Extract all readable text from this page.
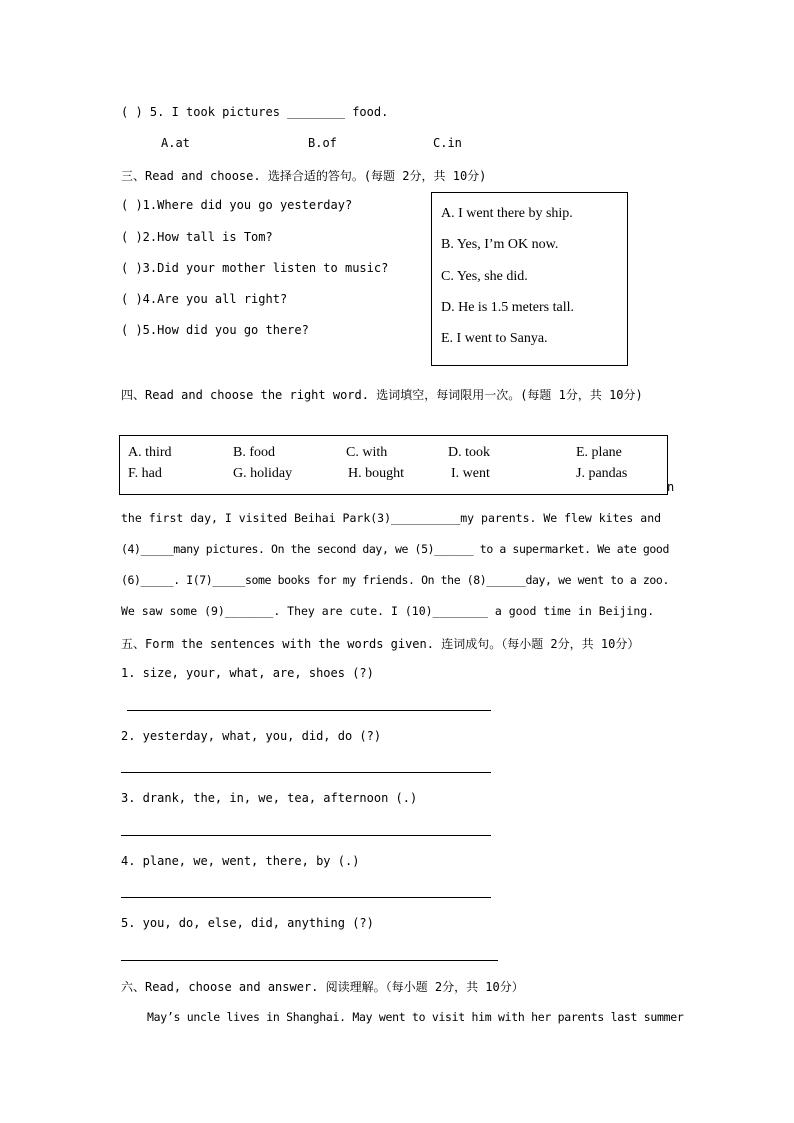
( ) 5. I took pictures ________ food.
A.at	B.of	C.in
三、Read and choose. 选择合适的答句。(每题 2分，共 10分)
( )1.Where did you go yesterday?
( )2.How tall is Tom?
( )3.Did your mother listen to music?
( )4.Are you all right?
( )5.How did you go there?
A. I went there by ship.
B. Yes, I’m OK now.
C. Yes, she did.
D. He is 1.5 meters tall.
E. I went to Sanya.
四、Read and choose the right word. 选词填空，每词限用一次。(每题 1分，共 10分)
A. third	B. food	C. with	D. took	E. plane
F. had	G. holiday	H. bought	I. went	J. pandas
n
the first day, I visited Beihai Park(3)__________my parents. We flew kites and
(4)_____many pictures. On the second day, we (5)______ to a supermarket. We ate good
(6)_____. I(7)_____some books for my friends. On the (8)______day, we went to a zoo.
We saw some (9)_______. They are cute. I (10)________ a good time in Beijing.
五、Form the sentences with the words given. 连词成句。（每小题 2分，共 10分）
1. size, your, what, are, shoes (?)
2. yesterday, what, you, did, do (?)
3. drank, the, in, we, tea, afternoon (.)
4. plane, we, went, there, by (.)
5. you, do, else, did, anything (?)
六、Read, choose and answer. 阅读理解。（每小题 2分，共 10分）
May’s uncle lives in Shanghai. May went to visit him with her parents last summer
